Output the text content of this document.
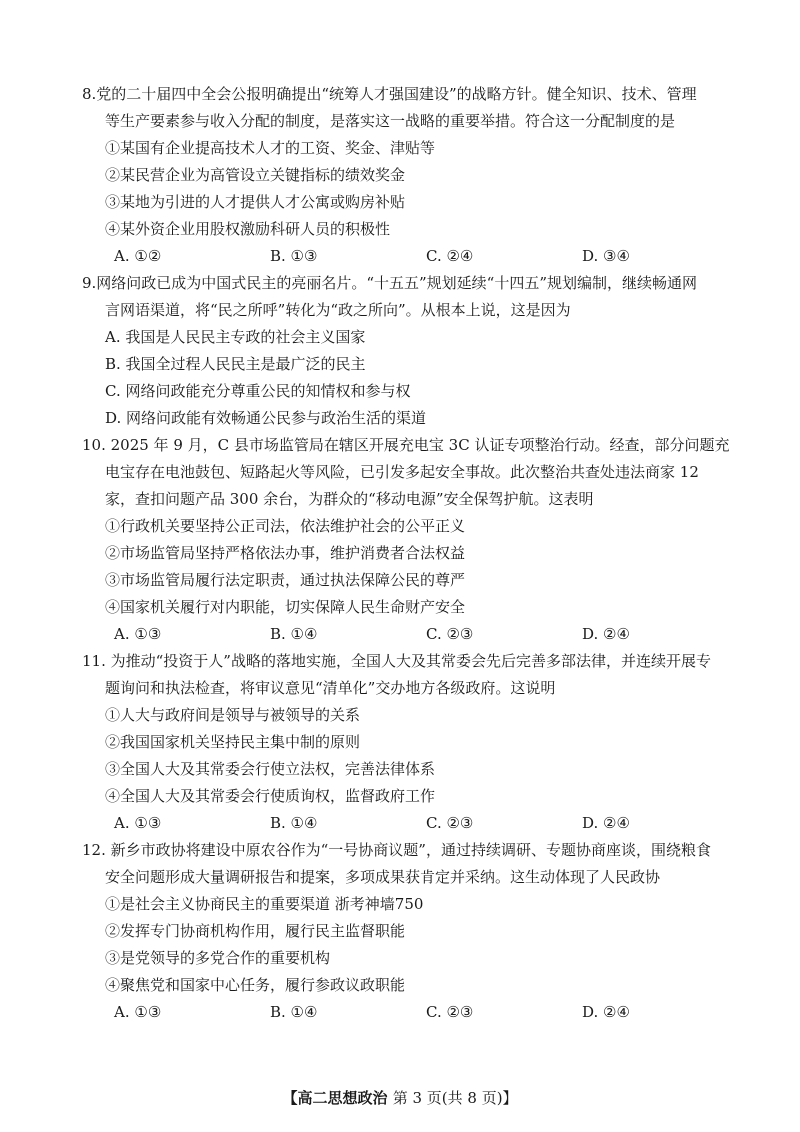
8.党的二十届四中全会公报明确提出“统筹人才强国建设”的战略方针。健全知识、技术、管理
等生产要素参与收入分配的制度，是落实这一战略的重要举措。符合这一分配制度的是
①某国有企业提高技术人才的工资、奖金、津贴等
②某民营企业为高管设立关键指标的绩效奖金
③某地为引进的人才提供人才公寓或购房补贴
④某外资企业用股权激励科研人员的积极性
A. ①②	B. ①③	C. ②④	D. ③④
9.网络问政已成为中国式民主的亮丽名片。“十五五”规划延续“十四五”规划编制，继续畅通网
言网语渠道，将“民之所呼”转化为“政之所向”。从根本上说，这是因为
A. 我国是人民民主专政的社会主义国家
B. 我国全过程人民民主是最广泛的民主
C. 网络问政能充分尊重公民的知情权和参与权
D. 网络问政能有效畅通公民参与政治生活的渠道
10. 2025 年 9 月，C 县市场监管局在辖区开展充电宝 3C 认证专项整治行动。经查，部分问题充
电宝存在电池鼓包、短路起火等风险，已引发多起安全事故。此次整治共查处违法商家 12
家，查扣问题产品 300 余台，为群众的“移动电源”安全保驾护航。这表明
①行政机关要坚持公正司法，依法维护社会的公平正义
②市场监管局坚持严格依法办事，维护消费者合法权益
③市场监管局履行法定职责，通过执法保障公民的尊严
④国家机关履行对内职能，切实保障人民生命财产安全
A. ①③	B. ①④	C. ②③	D. ②④
11. 为推动“投资于人”战略的落地实施，全国人大及其常委会先后完善多部法律，并连续开展专
题询问和执法检查，将审议意见“清单化”交办地方各级政府。这说明
①人大与政府间是领导与被领导的关系
②我国国家机关坚持民主集中制的原则
③全国人大及其常委会行使立法权，完善法律体系
④全国人大及其常委会行使质询权，监督政府工作
A. ①③	B. ①④	C. ②③	D. ②④
12. 新乡市政协将建设中原农谷作为“一号协商议题”，通过持续调研、专题协商座谈，围绕粮食
安全问题形成大量调研报告和提案，多项成果获肯定并采纳。这生动体现了人民政协
①是社会主义协商民主的重要渠道 浙考神墙750
②发挥专门协商机构作用，履行民主监督职能
③是党领导的多党合作的重要机构
④聚焦党和国家中心任务，履行参政议政职能
A. ①③	B. ①④	C. ②③	D. ②④
【高二思想政治 第 3 页(共 8 页)】
